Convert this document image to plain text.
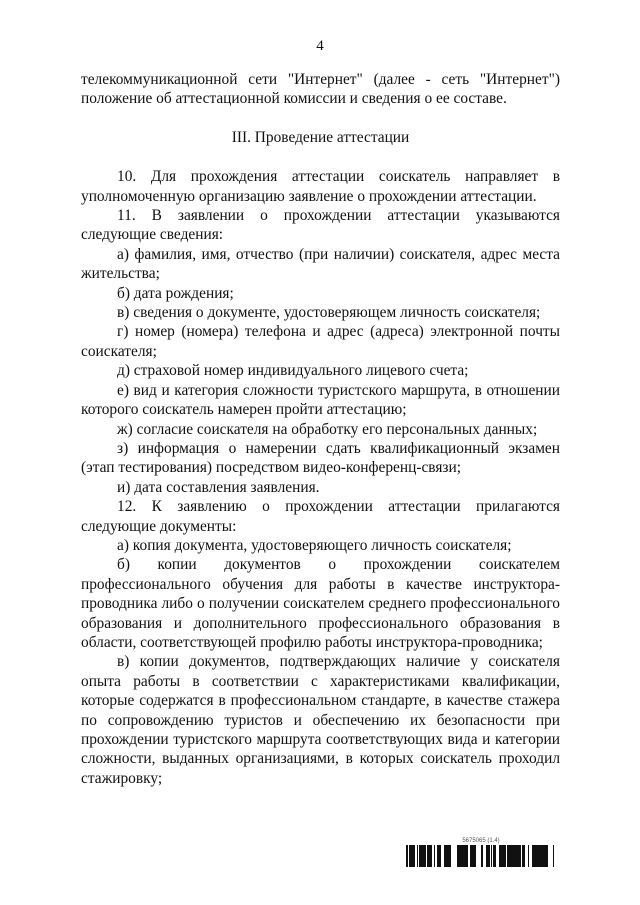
4

телекоммуникационной сети "Интернет" (далее - сеть "Интернет")

положение об аттестационной комиссии и сведения о ее составе.

III. Проведение аттестации

10. Для прохождения аттестации соискатель направляет в уполномоченную организацию заявление о прохождении аттестации.

11. В заявлении о прохождении аттестации указываются следующие сведения:

а) фамилия, имя, отчество (при наличии) соискателя, адрес места жительства;

б) дата рождения;

в) сведения о документе, удостоверяющем личность соискателя;

г) номер (номера) телефона и адрес (адреса) электронной почты соискателя;

д) страховой номер индивидуального лицевого счета;

е) вид и категория сложности туристского маршрута, в отношении которого соискатель намерен пройти аттестацию;

ж) согласие соискателя на обработку его персональных данных;

з) информация о намерении сдать квалификационный экзамен (этап тестирования) посредством видео-конференц-связи;

и) дата составления заявления.

12. К заявлению о прохождении аттестации прилагаются следующие документы:

а) копия документа, удостоверяющего личность соискателя;

б) копии документов о прохождении соискателем профессионального обучения для работы в качестве инструктора-проводника либо о получении соискателем среднего профессионального образования и дополнительного профессионального образования в области, соответствующей профилю работы инструктора-проводника;

в) копии документов, подтверждающих наличие у соискателя опыта работы в соответствии с характеристиками квалификации, которые содержатся в профессиональном стандарте, в качестве стажера по сопровождению туристов и обеспечению их безопасности при прохождении туристского маршрута соответствующих вида и категории сложности, выданных организациями, в которых соискатель проходил стажировку;

5675065 (1.4)
